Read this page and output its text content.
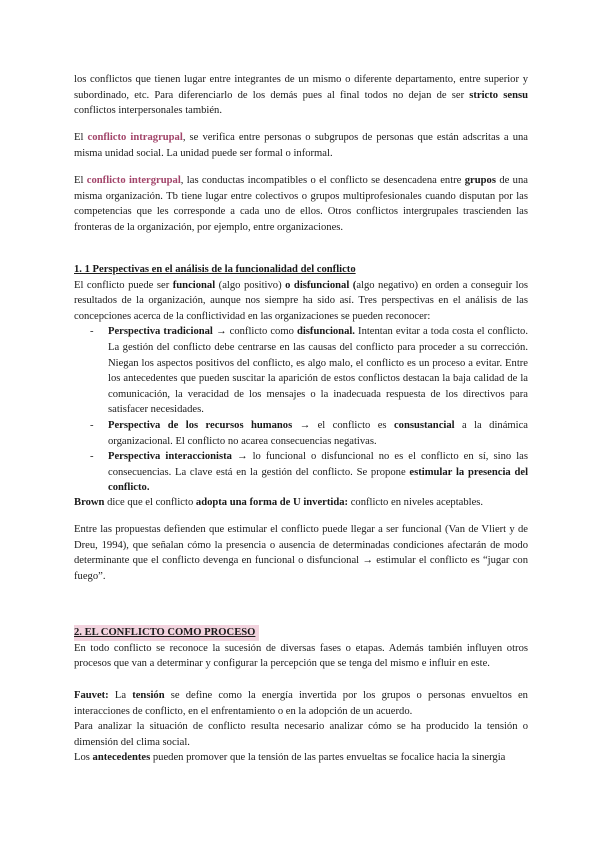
los conflictos que tienen lugar entre integrantes de un mismo o diferente departamento, entre superior y subordinado, etc. Para diferenciarlo de los demás pues al final todos no dejan de ser stricto sensu conflictos interpersonales también.

El conflicto intragrupal, se verifica entre personas o subgrupos de personas que están adscritas a una misma unidad social. La unidad puede ser formal o informal.

El conflicto intergrupal, las conductas incompatibles o el conflicto se desencadena entre grupos de una misma organización. Tb tiene lugar entre colectivos o grupos multiprofesionales cuando disputan por las competencias que les corresponde a cada uno de ellos. Otros conflictos intergrupales trascienden las fronteras de la organización, por ejemplo, entre organizaciones.

1. 1 Perspectivas en el análisis de la funcionalidad del conflicto

El conflicto puede ser funcional (algo positivo) o disfuncional (algo negativo) en orden a conseguir los resultados de la organización, aunque nos siempre ha sido así. Tres perspectivas en el análisis de las concepciones acerca de la conflictividad en las organizaciones se pueden reconocer:

- Perspectiva tradicional → conflicto como disfuncional. Intentan evitar a toda costa el conflicto. La gestión del conflicto debe centrarse en las causas del conflicto para proceder a su corrección. Niegan los aspectos positivos del conflicto, es algo malo, el conflicto es un proceso a evitar. Entre los antecedentes que pueden suscitar la aparición de estos conflictos destacan la baja calidad de la comunicación, la veracidad de los mensajes o la inadecuada respuesta de los directivos para satisfacer necesidades.
- Perspectiva de los recursos humanos → el conflicto es consustancial a la dinámica organizacional. El conflicto no acarea consecuencias negativas.
- Perspectiva interaccionista → lo funcional o disfuncional no es el conflicto en sí, sino las consecuencias. La clave está en la gestión del conflicto. Se propone estimular la presencia del conflicto.

Brown dice que el conflicto adopta una forma de U invertida: conflicto en niveles aceptables.

Entre las propuestas defienden que estimular el conflicto puede llegar a ser funcional (Van de Vliert y de Dreu, 1994), que señalan cómo la presencia o ausencia de determinadas condiciones afectarán de modo determinante que el conflicto devenga en funcional o disfuncional → estimular el conflicto es “jugar con fuego”.

2. EL CONFLICTO COMO PROCESO

En todo conflicto se reconoce la sucesión de diversas fases o etapas. Además también influyen otros procesos que van a determinar y configurar la percepción que se tenga del mismo e influir en este.

Fauvet: La tensión se define como la energía invertida por los grupos o personas envueltos en interacciones de conflicto, en el enfrentamiento o en la adopción de un acuerdo.

Para analizar la situación de conflicto resulta necesario analizar cómo se ha producido la tensión o dimensión del clima social.

Los antecedentes pueden promover que la tensión de las partes envueltas se focalice hacia la sinergia
